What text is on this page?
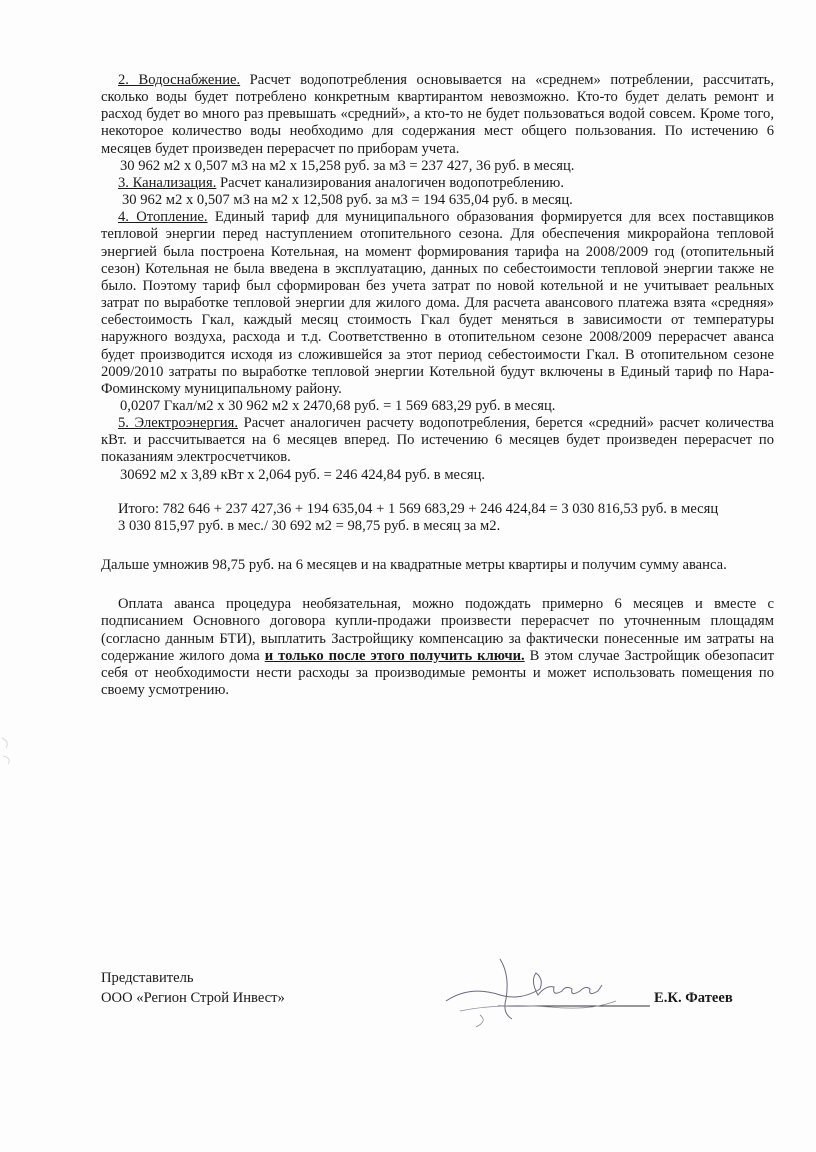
2. Водоснабжение. Расчет водопотребления основывается на «среднем» потреблении, рассчитать, сколько воды будет потреблено конкретным квартирантом невозможно. Кто-то будет делать ремонт и расход будет во много раз превышать «средний», а кто-то не будет пользоваться водой совсем. Кроме того, некоторое количество воды необходимо для содержания мест общего пользования. По истечению 6 месяцев будет произведен перерасчет по приборам учета.

30 962 м2 х 0,507 м3 на м2 х 15,258 руб. за м3 = 237 427, 36 руб. в месяц.

3. Канализация. Расчет канализирования аналогичен водопотреблению.

30 962 м2 х 0,507 м3 на м2 х 12,508 руб. за м3 = 194 635,04 руб. в месяц.

4. Отопление. Единый тариф для муниципального образования формируется для всех поставщиков тепловой энергии перед наступлением отопительного сезона. Для обеспечения микрорайона тепловой энергией была построена Котельная, на момент формирования тарифа на 2008/2009 год (отопительный сезон) Котельная не была введена в эксплуатацию, данных по себестоимости тепловой энергии также не было. Поэтому тариф был сформирован без учета затрат по новой котельной и не учитывает реальных затрат по выработке тепловой энергии для жилого дома. Для расчета авансового платежа взята «средняя» себестоимость Гкал, каждый месяц стоимость Гкал будет меняться в зависимости от температуры наружного воздуха, расхода и т.д. Соответственно в отопительном сезоне 2008/2009 перерасчет аванса будет производится исходя из сложившейся за этот период себестоимости Гкал. В отопительном сезоне 2009/2010 затраты по выработке тепловой энергии Котельной будут включены в Единый тариф по Нара-Фоминскому муниципальному району.

0,0207 Гкал/м2 х 30 962 м2 х 2470,68 руб. = 1 569 683,29 руб. в месяц.

5. Электроэнергия. Расчет аналогичен расчету водопотребления, берется «средний» расчет количества кВт. и рассчитывается на 6 месяцев вперед. По истечению 6 месяцев будет произведен перерасчет по показаниям электросчетчиков.

30692 м2 х 3,89 кВт х 2,064 руб. = 246 424,84 руб. в месяц.

Итого: 782 646 + 237 427,36 + 194 635,04 + 1 569 683,29 + 246 424,84 = 3 030 816,53 руб. в месяц

3 030 815,97 руб. в мес./ 30 692 м2 = 98,75 руб. в месяц за м2.

Дальше умножив 98,75 руб. на 6 месяцев и на квадратные метры квартиры и получим сумму аванса.

Оплата аванса процедура необязательная, можно подождать примерно 6 месяцев и вместе с подписанием Основного договора купли-продажи произвести перерасчет по уточненным площадям (согласно данным БТИ), выплатить Застройщику компенсацию за фактически понесенные им затраты на содержание жилого дома и только после этого получить ключи. В этом случае Застройщик обезопасит себя от необходимости нести расходы за производимые ремонты и может использовать помещения по своему усмотрению.

Представитель
ООО «Регион Строй Инвест»	Е.К. Фатеев
